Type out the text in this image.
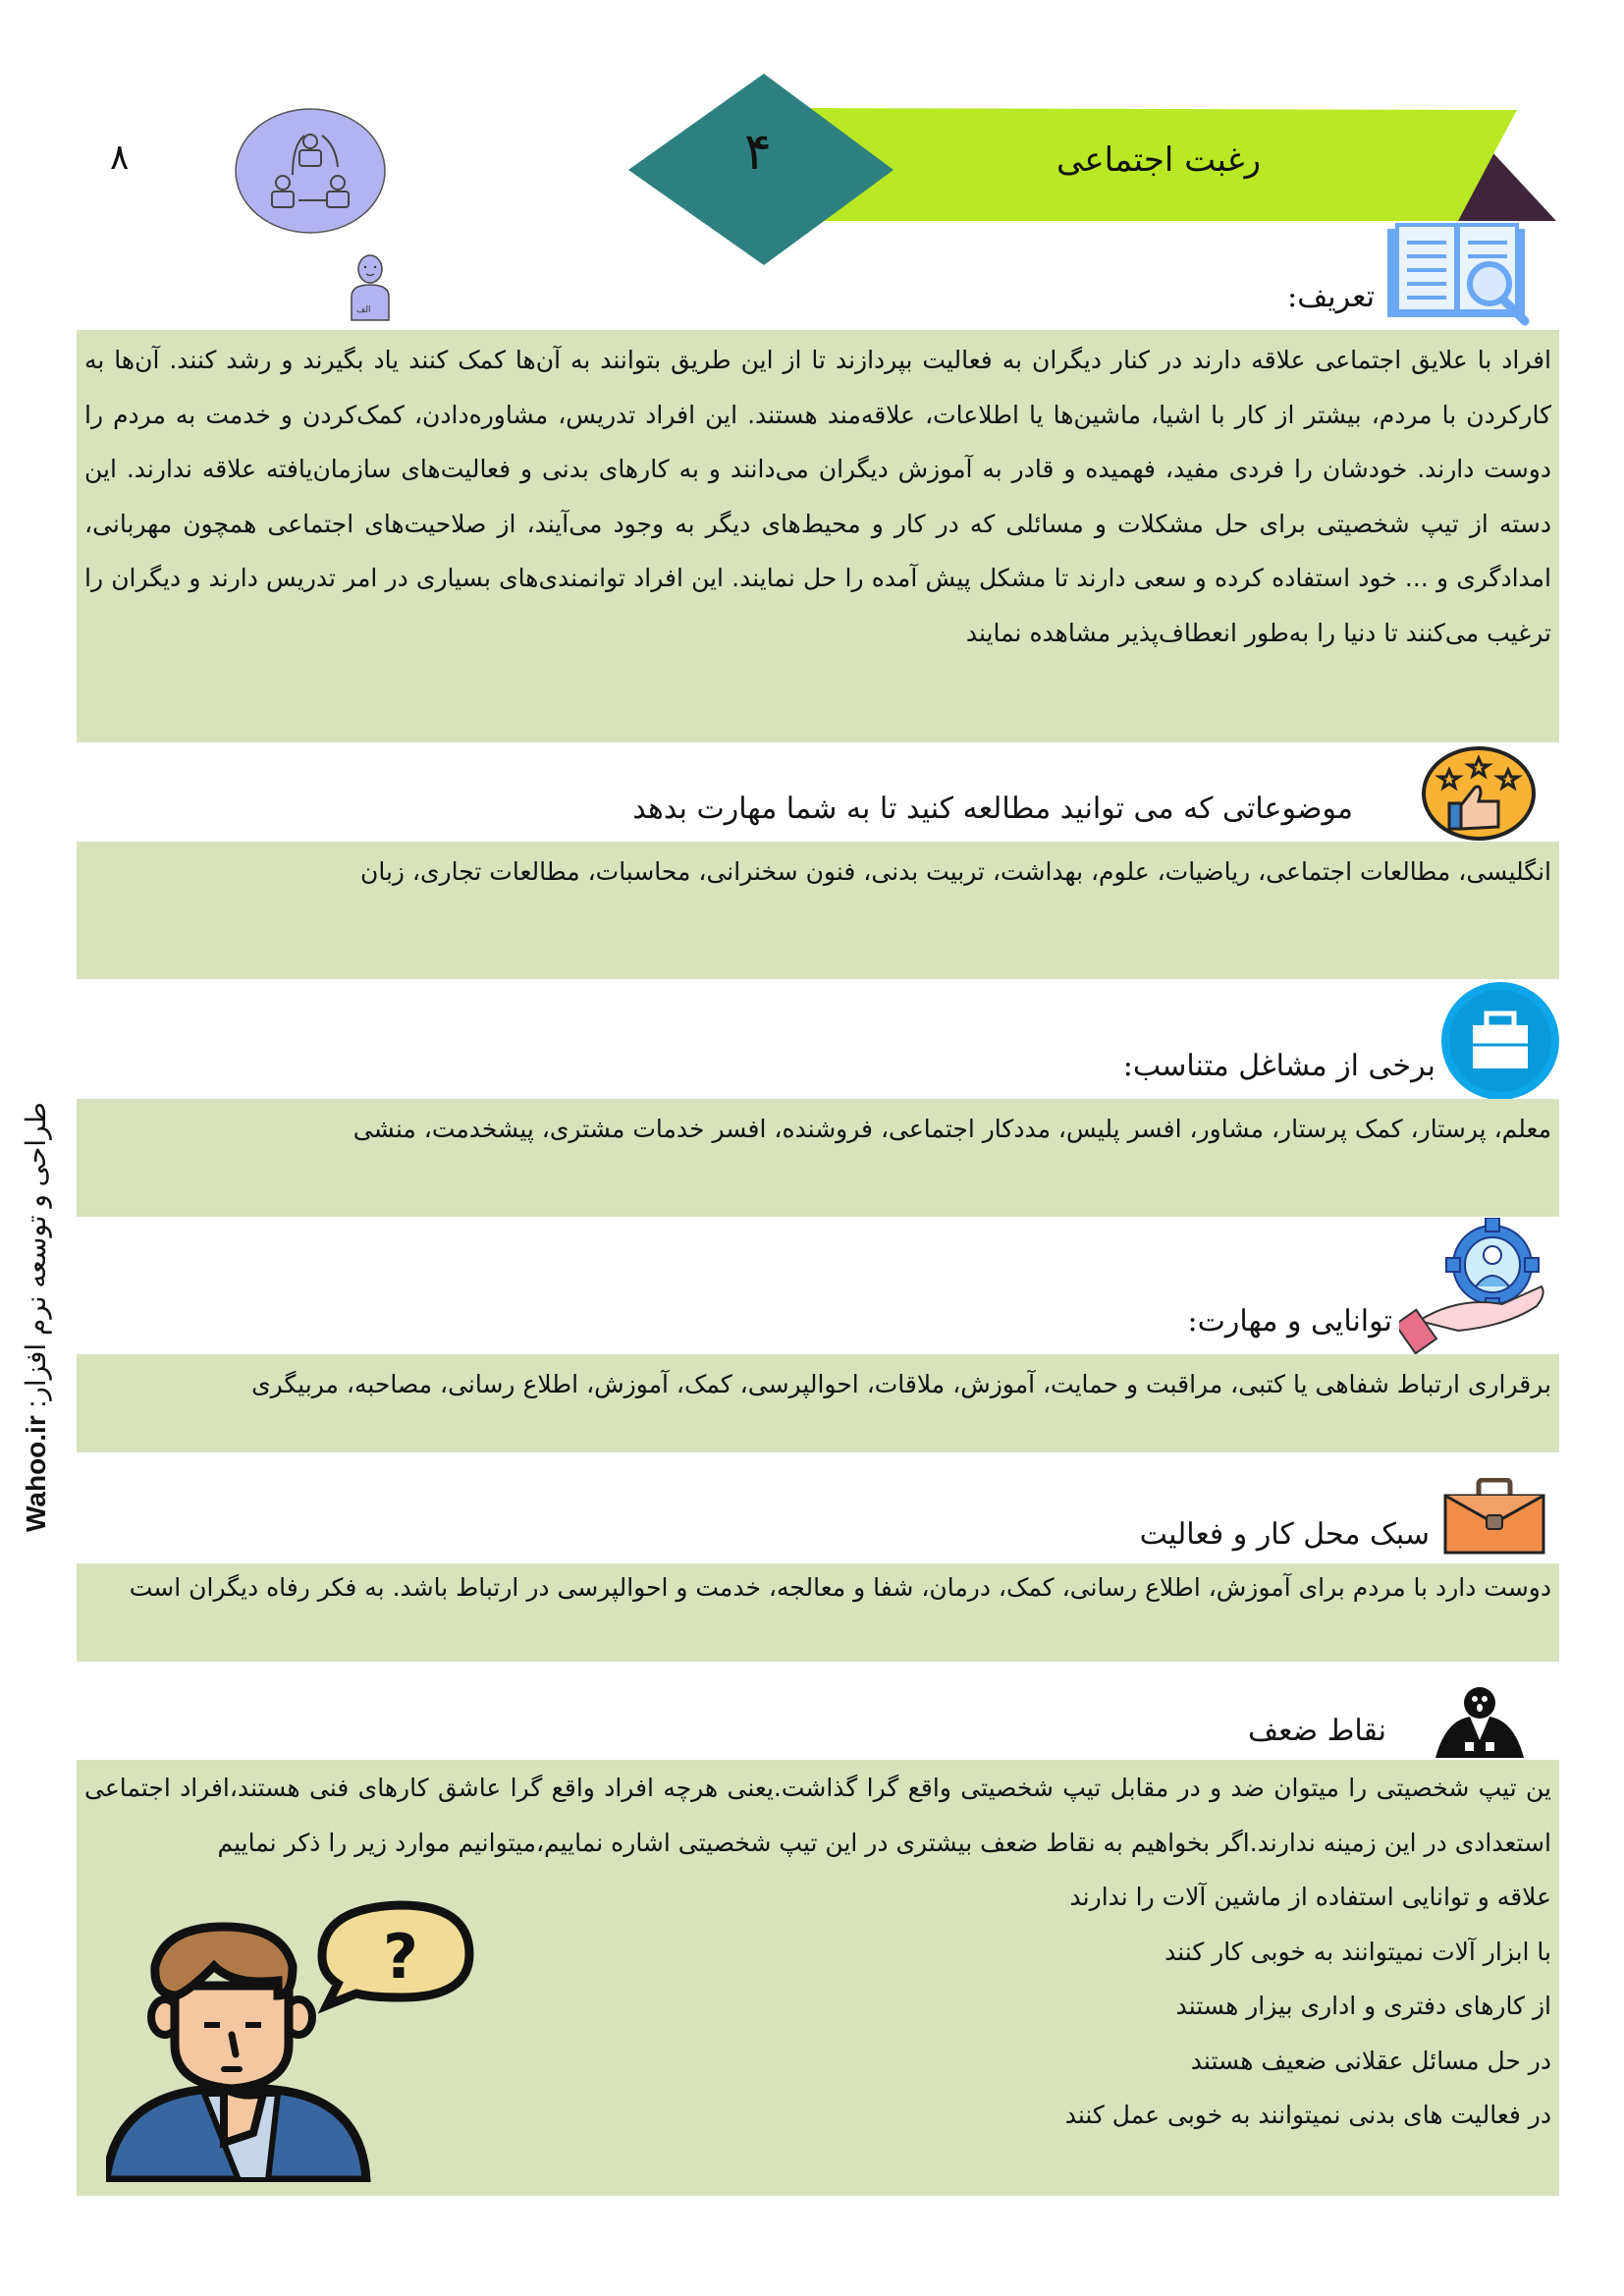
۸
الف
۴	رغبت اجتماعی
تعریف:

افراد با علایق اجتماعی علاقه دارند در کنار دیگران به فعالیت بپردازند تا از این طریق بتوانند به آن‌ها کمک کنند یاد بگیرند و رشد کنند. آن‌ها به کارکردن با مردم، بیشتر از کار با اشیا، ماشین‌ها یا اطلاعات، علاقه‌مند هستند. این افراد تدریس، مشاوره‌دادن، کمک‌کردن و خدمت به مردم را دوست دارند. خودشان را فردی مفید، فهمیده و قادر به آموزش دیگران می‌دانند و به کارهای بدنی و فعالیت‌های سازمان‌یافته علاقه ندارند. این دسته از تیپ شخصیتی برای حل مشکلات و مسائلی که در کار و محیط‌های دیگر به وجود می‌آیند، از صلاحیت‌های اجتماعی همچون مهربانی، امدادگری و ... خود استفاده کرده و سعی دارند تا مشکل پیش آمده را حل نمایند. این افراد توانمندی‌های بسیاری در امر تدریس دارند و دیگران را ترغیب می‌کنند تا دنیا را به‌طور انعطاف‌پذیر مشاهده نمایند

موضوعاتی که می توانید مطالعه کنید تا به شما مهارت بدهد

انگلیسی، مطالعات اجتماعی، ریاضیات، علوم، بهداشت، تربیت بدنی، فنون سخنرانی، محاسبات، مطالعات تجاری، زبان

برخی از مشاغل متناسب:

معلم، پرستار، کمک پرستار، مشاور، افسر پلیس، مددکار اجتماعی، فروشنده، افسر خدمات مشتری، پیشخدمت، منشی

توانایی و مهارت:

برقراری ارتباط شفاهی یا کتبی، مراقبت و حمایت، آموزش، ملاقات، احوالپرسی، کمک، آموزش، اطلاع رسانی، مصاحبه، مربیگری

سبک محل کار و فعالیت

دوست دارد با مردم برای آموزش، اطلاع رسانی، کمک، درمان، شفا و معالجه، خدمت و احوالپرسی در ارتباط باشد. به فکر رفاه دیگران است

نقاط ضعف

ین تیپ شخصیتی را میتوان ضد و در مقابل تیپ شخصیتی واقع گرا گذاشت.یعنی هرچه افراد واقع گرا عاشق کارهای فنی هستند،افراد اجتماعی استعدادی در این زمینه ندارند.اگر بخواهیم به نقاط ضعف بیشتری در این تیپ شخصیتی اشاره نماییم،میتوانیم موارد زیر را ذکر نماییم

علاقه و توانایی استفاده از ماشین آلات را ندارند
با ابزار آلات نمیتوانند به خوبی کار کنند
از کارهای دفتری و اداری بیزار هستند
در حل مسائل عقلانی ضعیف هستند
در فعالیت های بدنی نمیتوانند به خوبی عمل کنند
?
Wahoo.ir طراحی و توسعه نرم افزار:
